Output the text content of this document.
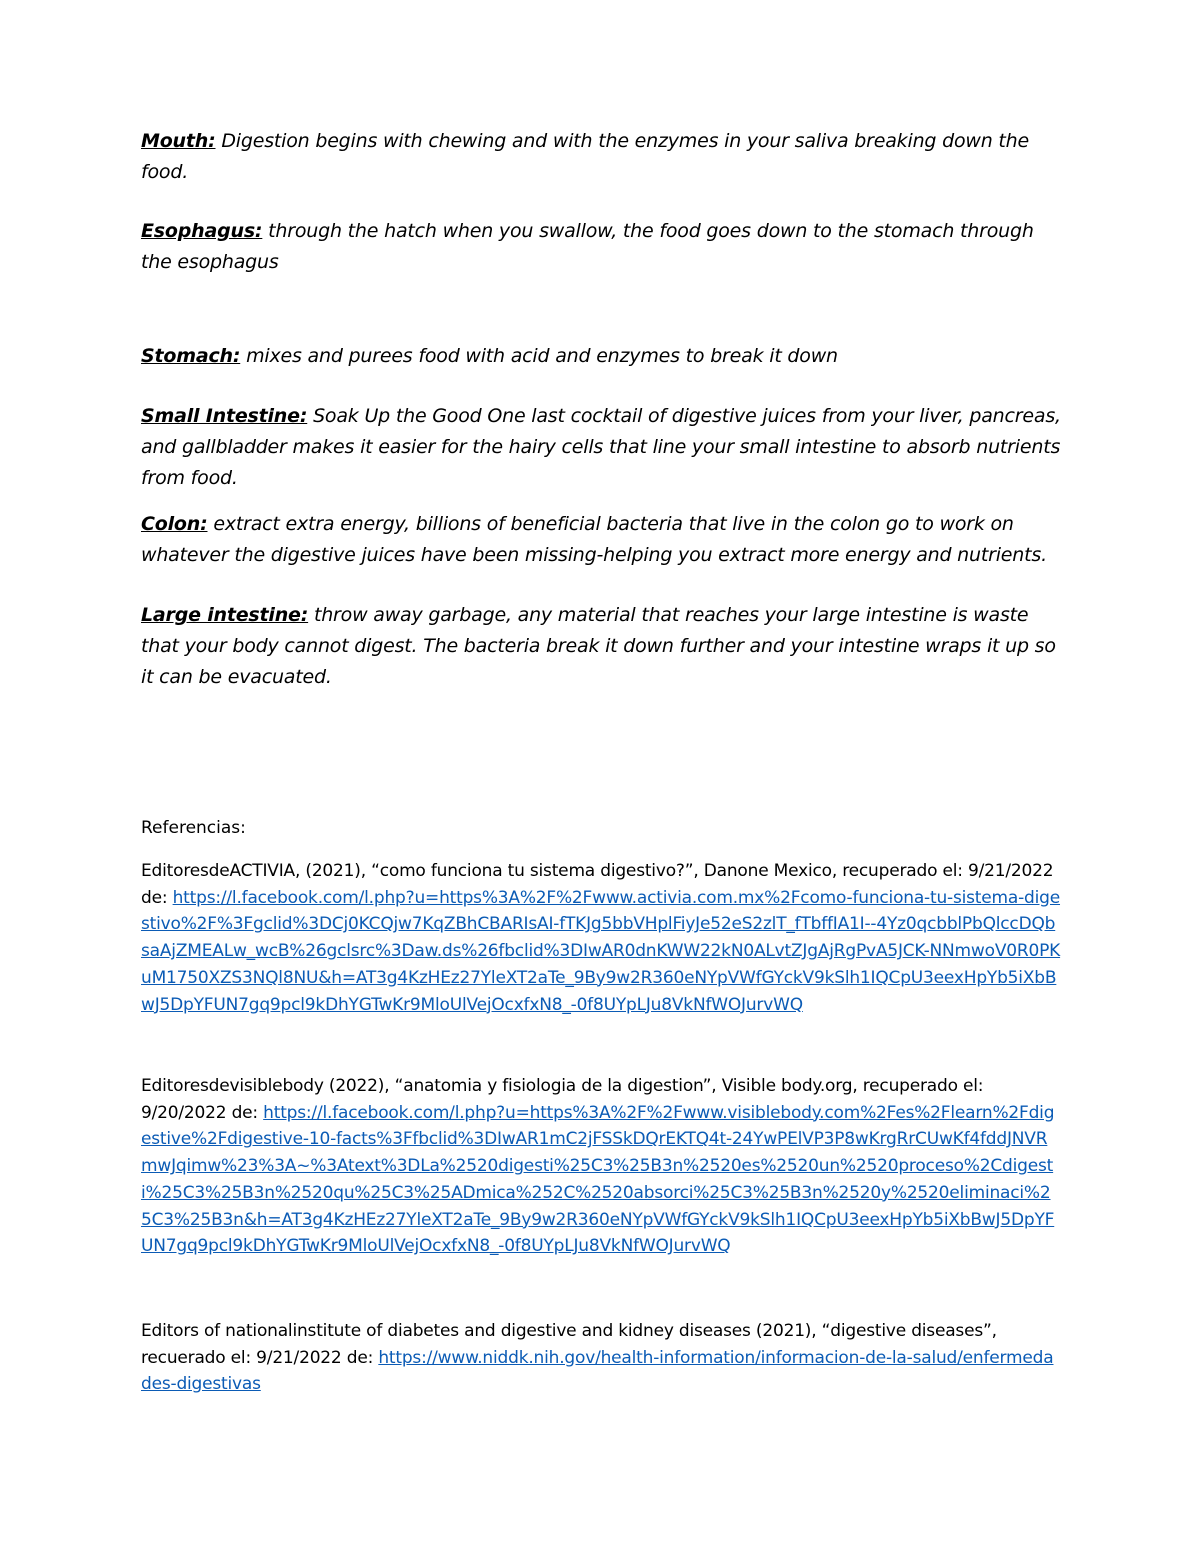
Mouth: Digestion begins with chewing and with the enzymes in your saliva breaking down the food.

Esophagus: through the hatch when you swallow, the food goes down to the stomach through the esophagus

Stomach: mixes and purees food with acid and enzymes to break it down

Small Intestine: Soak Up the Good One last cocktail of digestive juices from your liver, pancreas, and gallbladder makes it easier for the hairy cells that line your small intestine to absorb nutrients from food.

Colon: extract extra energy, billions of beneficial bacteria that live in the colon go to work on whatever the digestive juices have been missing-helping you extract more energy and nutrients.

Large intestine: throw away garbage, any material that reaches your large intestine is waste that your body cannot digest. The bacteria break it down further and your intestine wraps it up so it can be evacuated.

Referencias:

EditoresdeACTIVIA, (2021), “como funciona tu sistema digestivo?”, Danone Mexico, recuperado el: 9/21/2022 de: https://l.facebook.com/l.php?u=https%3A%2F%2Fwww.activia.com.mx%2Fcomo-funciona-tu-sistema-digestivo%2F%3Fgclid%3DCj0KCQjw7KqZBhCBARIsAI-fTKJg5bbVHplFiyJe52eS2zlT_fTbffIA1I--4Yz0qcbblPbQlccDQbsaAjZMEALw_wcB%26gclsrc%3Daw.ds%26fbclid%3DIwAR0dnKWW22kN0ALvtZJgAjRgPvA5JCK-NNmwoV0R0PKuM1750XZS3NQl8NU&h=AT3g4KzHEz27YleXT2aTe_9By9w2R360eNYpVWfGYckV9kSlh1IQCpU3eexHpYb5iXbBwJ5DpYFUN7gq9pcl9kDhYGTwKr9MloUlVejOcxfxN8_-0f8UYpLJu8VkNfWOJurvWQ

Editoresdevisiblebody (2022), “anatomia y fisiologia de la digestion”, Visible body.org, recuperado el: 9/20/2022 de: https://l.facebook.com/l.php?u=https%3A%2F%2Fwww.visiblebody.com%2Fes%2Flearn%2Fdigestive%2Fdigestive-10-facts%3Ffbclid%3DIwAR1mC2jFSSkDQrEKTQ4t-24YwPElVP3P8wKrgRrCUwKf4fddJNVRmwJqimw%23%3A~%3Atext%3DLa%2520digesti%25C3%25B3n%2520es%2520un%2520proceso%2Cdigesti%25C3%25B3n%2520qu%25C3%25ADmica%252C%2520absorci%25C3%25B3n%2520y%2520eliminaci%25C3%25B3n&h=AT3g4KzHEz27YleXT2aTe_9By9w2R360eNYpVWfGYckV9kSlh1IQCpU3eexHpYb5iXbBwJ5DpYFUN7gq9pcl9kDhYGTwKr9MloUlVejOcxfxN8_-0f8UYpLJu8VkNfWOJurvWQ

Editors of nationalinstitute of diabetes and digestive and kidney diseases (2021), “digestive diseases”, recuerado el: 9/21/2022 de: https://www.niddk.nih.gov/health-information/informacion-de-la-salud/enfermedades-digestivas
